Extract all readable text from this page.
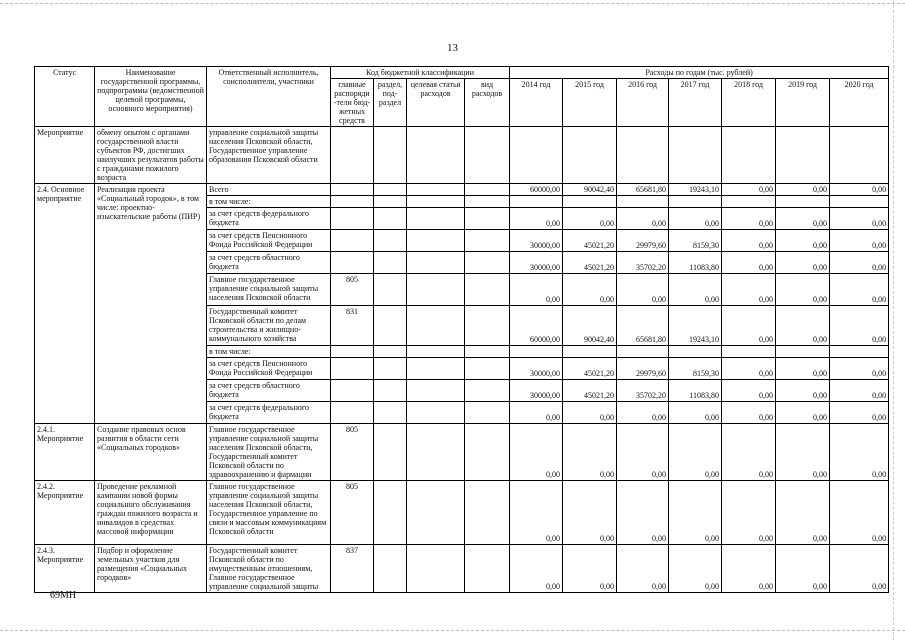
13
Статус	Наименование государственной программы, подпрограммы (ведомственной целевой программы, основного мероприятия)	Ответственный исполнитель, соисполнители, участники	Код бюджетной классификации				Расходы по годам (тыс. рублей)						
			главные распоряди-тели бюд-жетных средств	раздел, под-раздел	целевая статья расходов	вид расходов	2014 год	2015 год	2016 год	2017 год	2018 год	2019 год	2020 год
Мероприятие	обмену опытом с органами государственной власти субъектов РФ, достигших наилучших результатов работы с гражданами пожилого возраста	управление социальной защиты населения Псковской области, Государственное управление образования Псковской области											
2.4. Основное мероприятие	Реализация проекта «Социальный городок», в том числе: проектно-изыскательские работы (ПИР)	Всего					60000,00	90042,40	65681,80	19243,10	0,00	0,00	0,00
		в том числе:											
		за счет средств федерального бюджета					0,00	0,00	0,00	0,00	0,00	0,00	0,00
		за счет средств Пенсионного Фонда Российской Федерации					30000,00	45021,20	29979,60	8159,30	0,00	0,00	0,00
		за счет средств областного бюджета					30000,00	45021,20	35702,20	11083,80	0,00	0,00	0,00
		Главное государственное управление социальной защиты населения Псковской области	805				0,00	0,00	0,00	0,00	0,00	0,00	0,00
		Государственный комитет Псковской области по делам строительства и жилищно-коммунального хозяйства	831				60000,00	90042,40	65681,80	19243,10	0,00	0,00	0,00
		в том числе:											
		за счет средств Пенсионного Фонда Российской Федерации					30000,00	45021,20	29979,60	8159,30	0,00	0,00	0,00
		за счет средств областного бюджета					30000,00	45021,20	35702,20	11083,80	0,00	0,00	0,00
		за счет средств федерального бюджета					0,00	0,00	0,00	0,00	0,00	0,00	0,00
2.4.1. Мероприятие	Создание правовых основ развития в области сети «Социальных городков»	Главное государственное управление социальной защиты населения Псковской области, Государственный комитет Псковской области по здравоохранению и фармации	805				0,00	0,00	0,00	0,00	0,00	0,00	0,00
2.4.2. Мероприятие	Проведение рекламной кампании новой формы социального обслуживания граждан пожилого возраста и инвалидов в средствах массовой информации	Главное государственное управление социальной защиты населения Псковской области, Государственное управление по связи и массовым коммуникациям Псковской области	805				0,00	0,00	0,00	0,00	0,00	0,00	0,00
2.4.3. Мероприятие	Подбор и оформление земельных участков для размещения «Социальных городков»	Государственный комитет Псковской области по имущественным отношениям, Главное государственное управление социальной защиты	837				0,00	0,00	0,00	0,00	0,00	0,00	0,00
69MH
